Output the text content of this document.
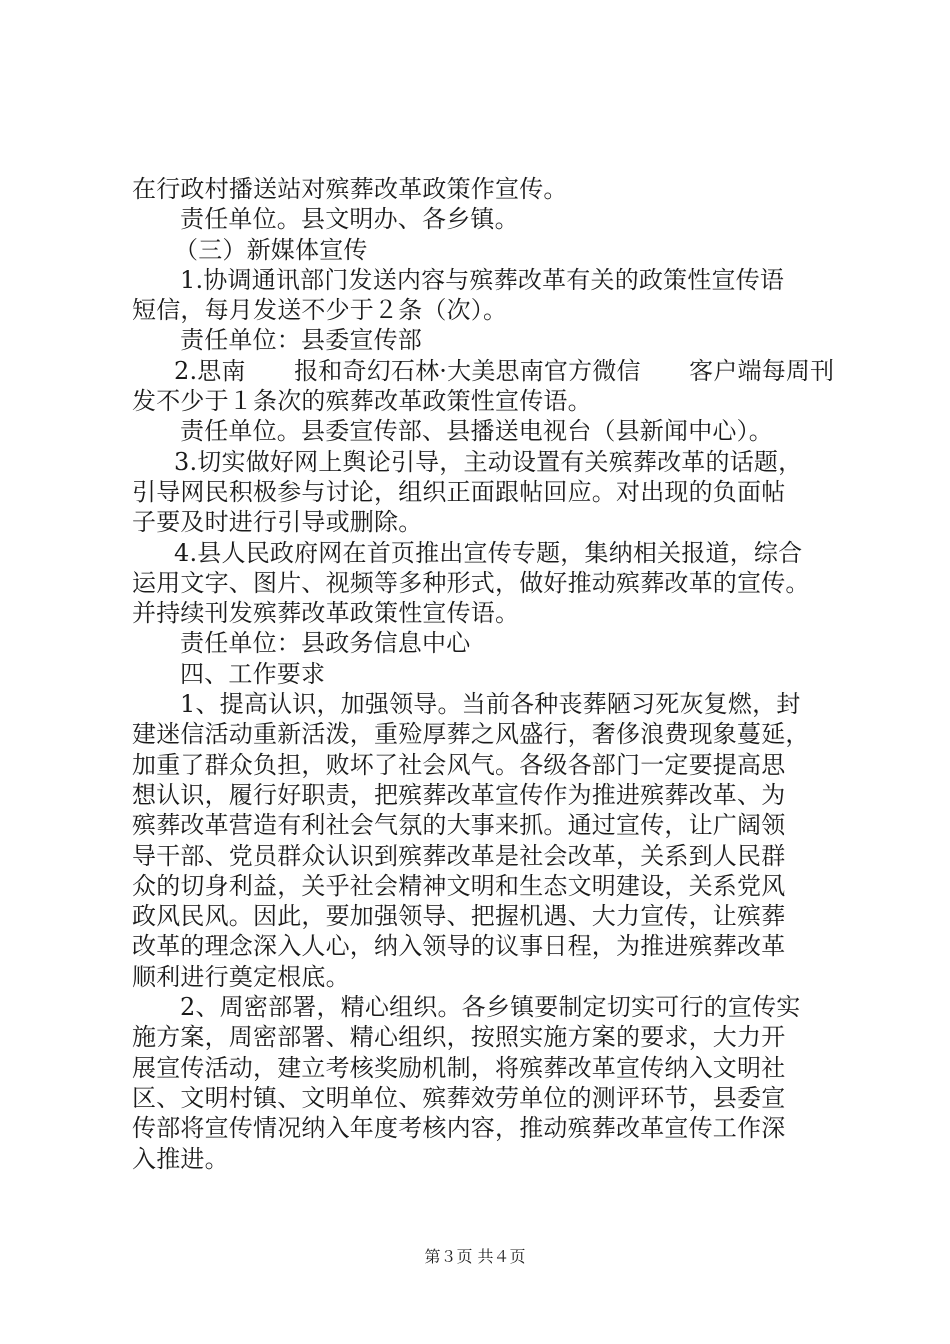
在行政村播送站对殡葬改革政策作宣传。
责任单位。县文明办、各乡镇。
（三）新媒体宣传
1.协调通讯部门发送内容与殡葬改革有关的政策性宣传语
短信，每月发送不少于２条（次）。
责任单位：县委宣传部
2.思南　　报和奇幻石林·大美思南官方微信　　客户端每周刊
发不少于１条次的殡葬改革政策性宣传语。
责任单位。县委宣传部、县播送电视台（县新闻中心）。
3.切实做好网上舆论引导，主动设置有关殡葬改革的话题，
引导网民积极参与讨论，组织正面跟帖回应。对出现的负面帖
子要及时进行引导或删除。
4.县人民政府网在首页推出宣传专题，集纳相关报道，综合
运用文字、图片、视频等多种形式，做好推动殡葬改革的宣传。
并持续刊发殡葬改革政策性宣传语。
责任单位：县政务信息中心
四、工作要求
1、提高认识，加强领导。当前各种丧葬陋习死灰复燃，封
建迷信活动重新活泼，重殓厚葬之风盛行，奢侈浪费现象蔓延，
加重了群众负担，败坏了社会风气。各级各部门一定要提高思
想认识，履行好职责，把殡葬改革宣传作为推进殡葬改革、为
殡葬改革营造有利社会气氛的大事来抓。通过宣传，让广阔领
导干部、党员群众认识到殡葬改革是社会改革，关系到人民群
众的切身利益，关乎社会精神文明和生态文明建设，关系党风
政风民风。因此，要加强领导、把握机遇、大力宣传，让殡葬
改革的理念深入人心，纳入领导的议事日程，为推进殡葬改革
顺利进行奠定根底。
2、周密部署，精心组织。各乡镇要制定切实可行的宣传实
施方案，周密部署、精心组织，按照实施方案的要求，大力开
展宣传活动，建立考核奖励机制，将殡葬改革宣传纳入文明社
区、文明村镇、文明单位、殡葬效劳单位的测评环节，县委宣
传部将宣传情况纳入年度考核内容，推动殡葬改革宣传工作深
入推进。
第３页 共４页
